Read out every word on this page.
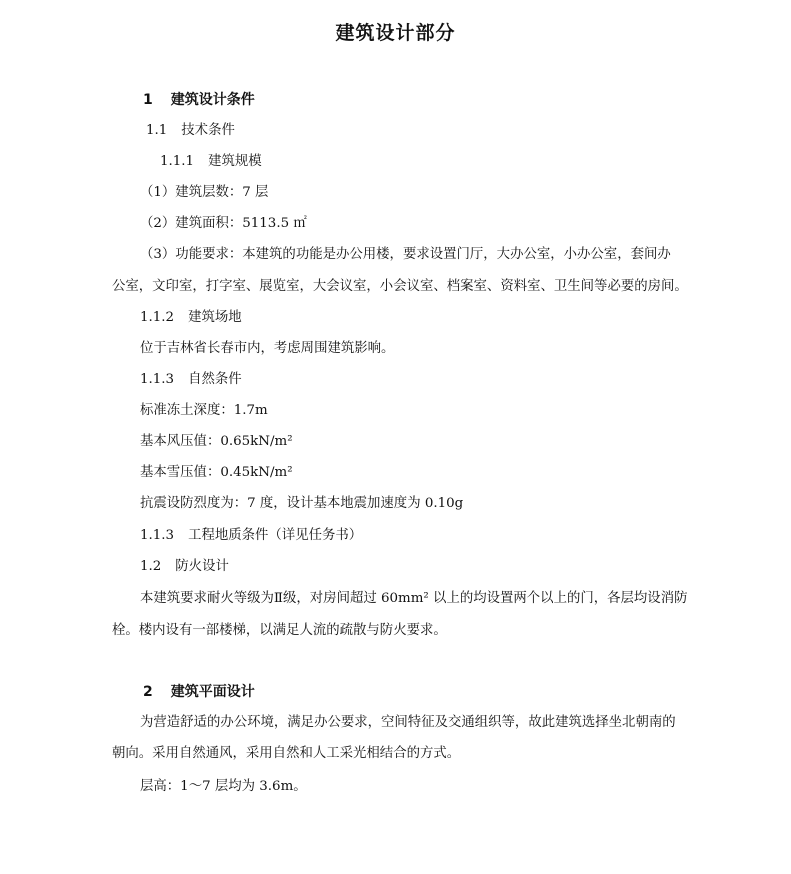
建筑设计部分
1 建筑设计条件
1.1 技术条件
1.1.1 建筑规模
（1）建筑层数：7 层
（2）建筑面积：5113.5 ㎡
（3）功能要求：本建筑的功能是办公用楼，要求设置门厅，大办公室，小办公室，套间办
公室，文印室，打字室、展览室，大会议室，小会议室、档案室、资料室、卫生间等必要的房间。
1.1.2 建筑场地
位于吉林省长春市内，考虑周围建筑影响。
1.1.3 自然条件
标准冻土深度：1.7m
基本风压值：0.65kN/m²
基本雪压值：0.45kN/m²
抗震设防烈度为：7 度，设计基本地震加速度为 0.10g
1.1.3 工程地质条件（详见任务书）
1.2 防火设计
本建筑要求耐火等级为Ⅱ级，对房间超过 60mm² 以上的均设置两个以上的门，各层均设消防
栓。楼内设有一部楼梯，以满足人流的疏散与防火要求。
2 建筑平面设计
为营造舒适的办公环境，满足办公要求，空间特征及交通组织等，故此建筑选择坐北朝南的
朝向。采用自然通风，采用自然和人工采光相结合的方式。
层高：1～7 层均为 3.6m。
